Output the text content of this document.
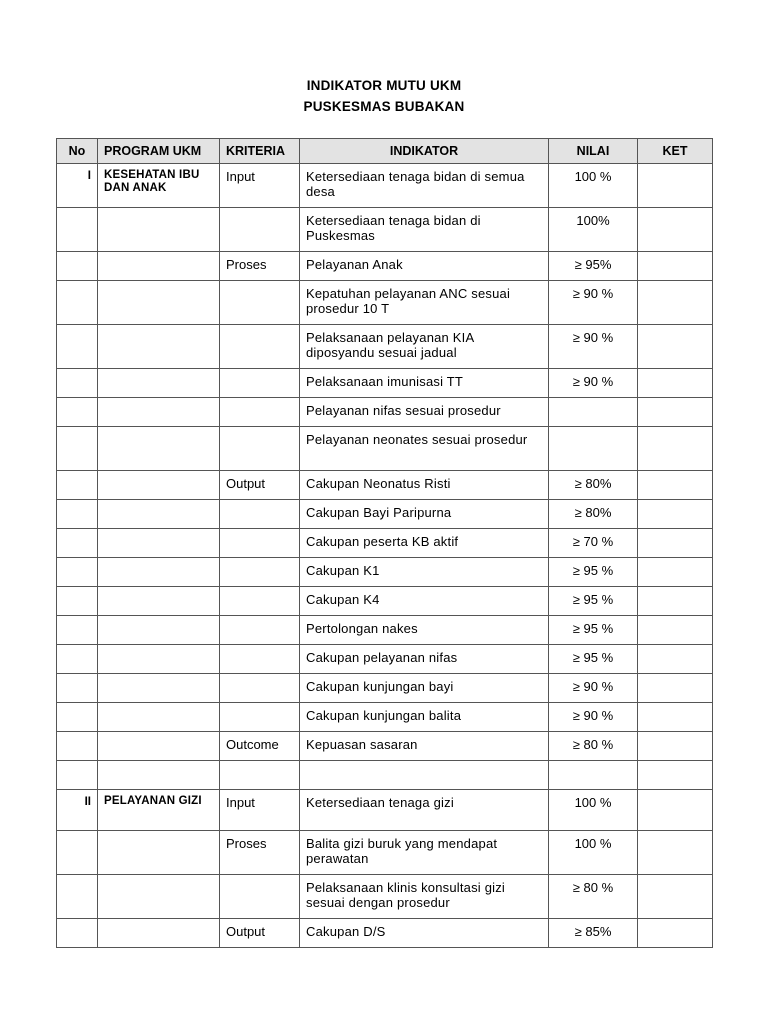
INDIKATOR MUTU UKM
PUSKESMAS BUBAKAN
No	PROGRAM UKM	KRITERIA	INDIKATOR	NILAI	KET
I	KESEHATAN IBU DAN ANAK	Input	Ketersediaan tenaga bidan di semua desa	100 %	
			Ketersediaan tenaga bidan di Puskesmas	100%	
		Proses	Pelayanan Anak	≥ 95%	
			Kepatuhan pelayanan ANC sesuai prosedur 10 T	≥ 90 %	
			Pelaksanaan pelayanan KIA diposyandu sesuai jadual	≥ 90 %	
			Pelaksanaan imunisasi TT	≥ 90 %	
			Pelayanan nifas sesuai prosedur		
			Pelayanan neonates sesuai prosedur		
		Output	Cakupan Neonatus Risti	≥ 80%	
			Cakupan Bayi Paripurna	≥ 80%	
			Cakupan peserta KB aktif	≥ 70 %	
			Cakupan K1	≥ 95 %	
			Cakupan K4	≥ 95 %	
			Pertolongan nakes	≥ 95 %	
			Cakupan pelayanan nifas	≥ 95 %	
			Cakupan kunjungan bayi	≥ 90 %	
			Cakupan kunjungan balita	≥ 90 %	
		Outcome	Kepuasan sasaran	≥ 80 %	

II	PELAYANAN GIZI	Input	Ketersediaan tenaga gizi	100 %	
		Proses	Balita gizi buruk yang mendapat perawatan	100 %	
			Pelaksanaan klinis konsultasi gizi sesuai dengan prosedur	≥ 80 %	
		Output	Cakupan D/S	≥ 85%	
